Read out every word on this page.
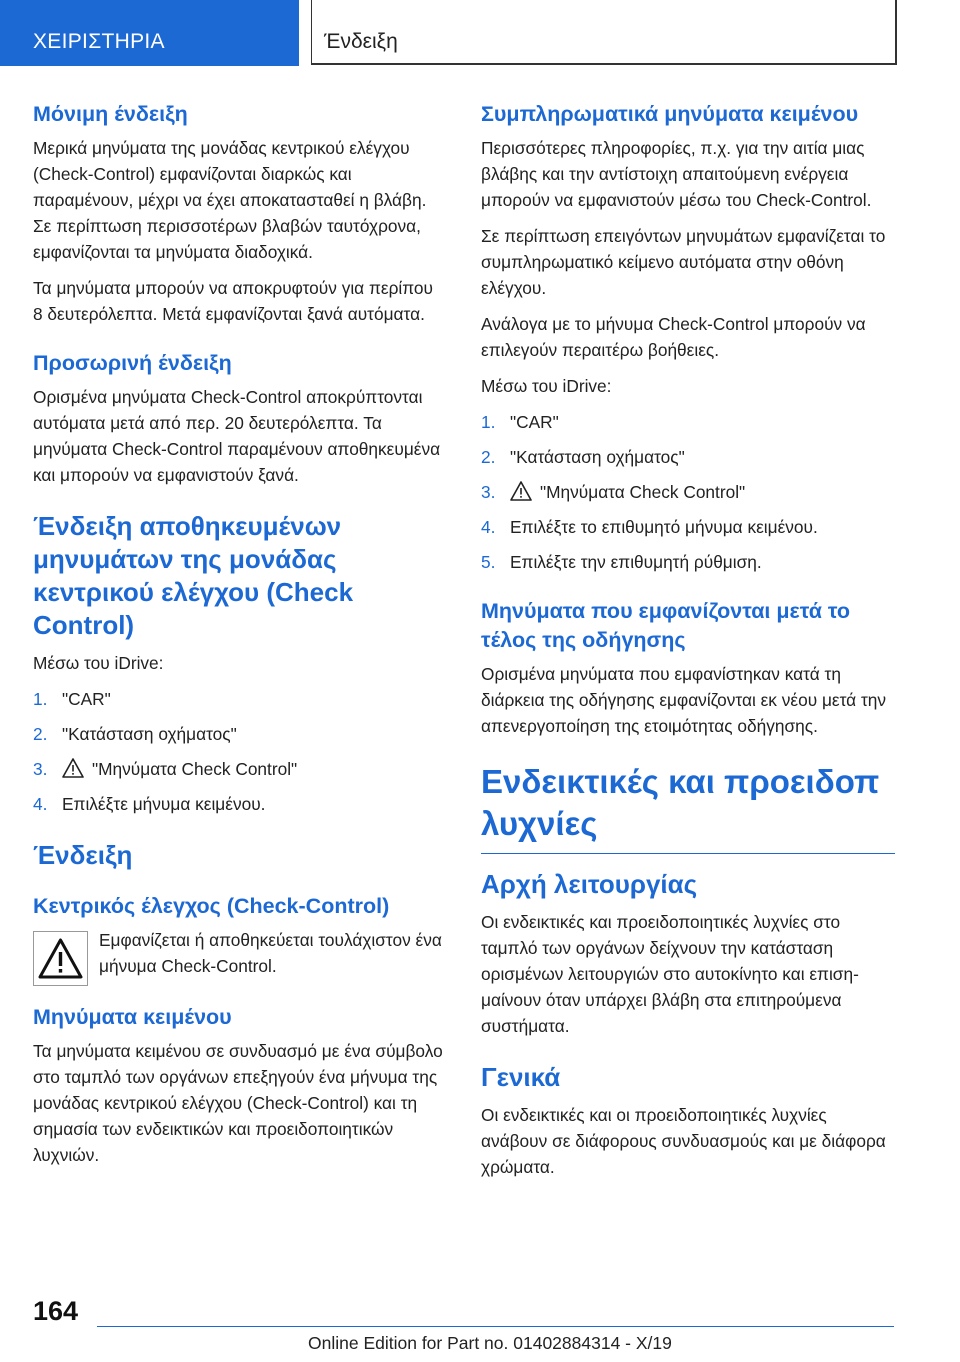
ΧΕΙΡΙΣΤΗΡΙΑ	Ένδειξη
Μόνιμη ένδειξη

Μερικά μηνύματα της μονάδας κεντρικού ελέγχου (Check-Control) εμφανίζονται διαρκώς και παραμένουν, μέχρι να έχει αποκατασταθεί η βλάβη. Σε περίπτωση περισσοτέρων βλαβών ταυτόχρονα, εμφανίζονται τα μηνύματα διαδοχικά.

Τα μηνύματα μπορούν να αποκρυφτούν για περίπου 8 δευτερόλεπτα. Μετά εμφανίζονται ξανά αυτόματα.

Προσωρινή ένδειξη

Ορισμένα μηνύματα Check-Control αποκρύπτονται αυτόματα μετά από περ. 20 δευτερόλεπτα. Τα μηνύματα Check-Control παραμένουν αποθηκευμένα και μπορούν να εμφανιστούν ξανά.

Ένδειξη αποθηκευμένων μηνυμάτων της μονάδας κεντρικού ελέγχου (Check Control)

Μέσω του iDrive:

1. "CAR"
2. "Κατάσταση οχήματος"
3.	"Μηνύματα Check Control"
4. Επιλέξτε μήνυμα κειμένου.
Ένδειξη
Κεντρικός έλεγχος (Check-Control)
Εμφανίζεται ή αποθηκεύεται τουλάχιστον ένα μήνυμα Check-Control.
Μηνύματα κειμένου

Τα μηνύματα κειμένου σε συνδυασμό με ένα σύμβολο στο ταμπλό των οργάνων επεξηγούν ένα μήνυμα της μονάδας κεντρικού ελέγχου (Check-Control) και τη σημασία των ενδεικτικών και προειδοποιητικών λυχνιών.

Συμπληρωματικά μηνύματα κειμένου

Περισσότερες πληροφορίες, π.χ. για την αιτία μιας βλάβης και την αντίστοιχη απαιτούμενη ενέργεια μπορούν να εμφανιστούν μέσω του Check-Control.

Σε περίπτωση επειγόντων μηνυμάτων εμφανίζεται το συμπληρωματικό κείμενο αυτόματα στην οθόνη ελέγχου.

Ανάλογα με το μήνυμα Check-Control μπορούν να επιλεγούν περαιτέρω βοήθειες.

Μέσω του iDrive:

1. "CAR"
2. "Κατάσταση οχήματος"
3.	"Μηνύματα Check Control"
4. Επιλέξτε το επιθυμητό μήνυμα κειμένου.
5. Επιλέξτε την επιθυμητή ρύθμιση.
Μηνύματα που εμφανίζονται μετά το τέλος της οδήγησης

Ορισμένα μηνύματα που εμφανίστηκαν κατά τη διάρκεια της οδήγησης εμφανίζονται εκ νέου μετά την απενεργοποίηση της ετοιμότητας οδήγησης.

Ενδεικτικές και προειδοπ λυχνίες
Αρχή λειτουργίας

Οι ενδεικτικές και προειδοποιητικές λυχνίες στο ταμπλό των οργάνων δείχνουν την κατάσταση ορισμένων λειτουργιών στο αυτοκίνητο και επισημαίνουν όταν υπάρχει βλάβη στα επιτηρούμενα συστήματα.

Γενικά

Οι ενδεικτικές και οι προειδοποιητικές λυχνίες ανάβουν σε διάφορους συνδυασμούς και με διάφορα χρώματα.

164
Online Edition for Part no. 01402884314 - X/19
